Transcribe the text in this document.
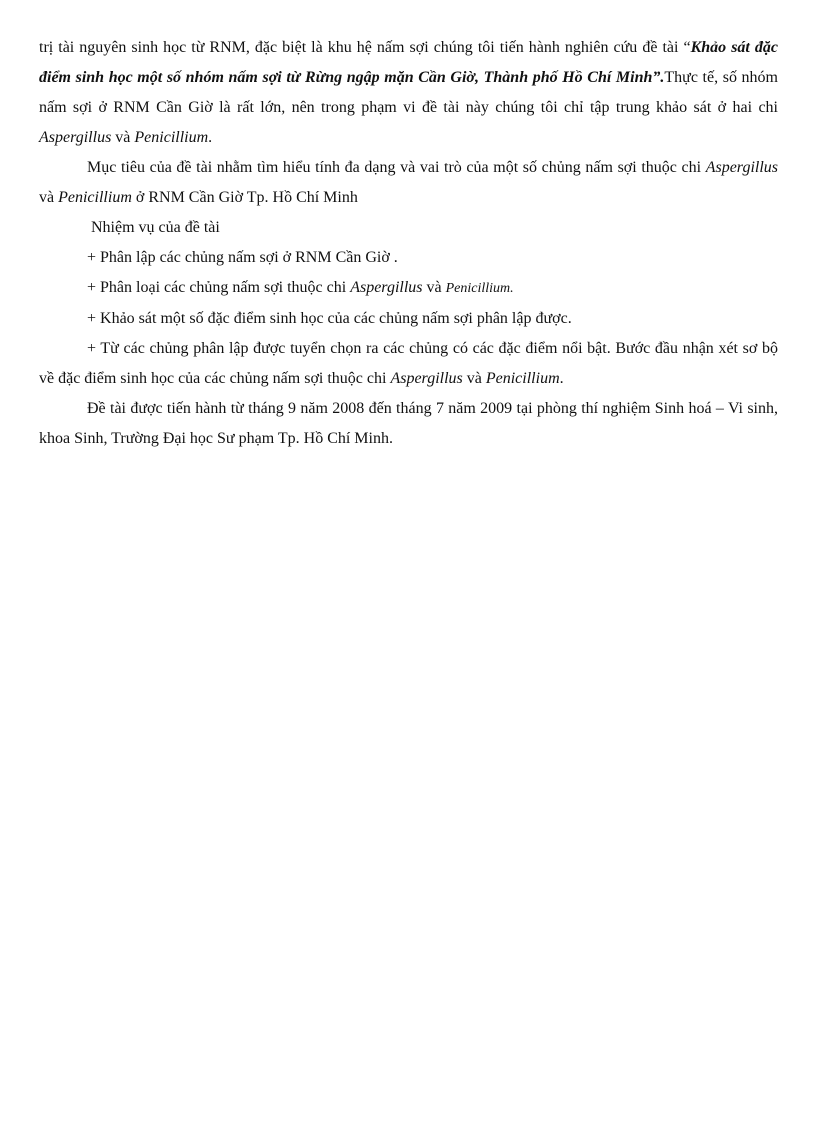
trị tài nguyên sinh học từ RNM, đặc biệt là khu hệ nấm sợi chúng tôi tiến hành nghiên cứu đề tài “Khảo sát đặc điểm sinh học một số nhóm nấm sợi từ Rừng ngập mặn Cần Giờ, Thành phố Hồ Chí Minh”.Thực tế, số nhóm nấm sợi ở RNM Cần Giờ là rất lớn, nên trong phạm vi đề tài này chúng tôi chỉ tập trung khảo sát ở hai chi Aspergillus và Penicillium.

Mục tiêu của đề tài nhằm tìm hiểu tính đa dạng và vai trò của một số chủng nấm sợi thuộc chi Aspergillus và Penicillium ở RNM Cần Giờ Tp. Hồ Chí Minh

Nhiệm vụ của đề tài

+ Phân lập các chủng nấm sợi ở RNM Cần Giờ .

+ Phân loại các chủng nấm sợi thuộc chi Aspergillus và Penicillium.

+ Khảo sát một số đặc điểm sinh học của các chủng nấm sợi phân lập được.

+ Từ các chủng phân lập được tuyển chọn ra các chủng có các đặc điểm nổi bật. Bước đầu nhận xét sơ bộ về đặc điểm sinh học của các chủng nấm sợi thuộc chi Aspergillus và Penicillium.

Đề tài được tiến hành từ tháng 9 năm 2008 đến tháng 7 năm 2009 tại phòng thí nghiệm Sinh hoá – Vi sinh, khoa Sinh, Trường Đại học Sư phạm Tp. Hồ Chí Minh.
